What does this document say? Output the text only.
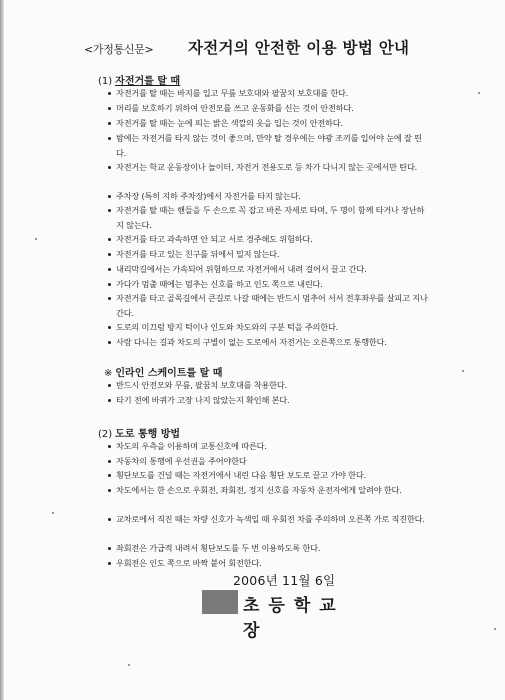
<가정통신문> 자전거의 안전한 이용 방법 안내
(1) 자전거를 탈 때
자전거를 탈 때는 바지를 입고 무릎 보호대와 팔꿈치 보호대를 한다.
머리를 보호하기 위하여 안전모를 쓰고 운동화를 신는 것이 안전하다.
자전거를 탈 때는 눈에 띄는 밝은 색깔의 옷을 입는 것이 안전하다.
밤에는 자전거를 타지 않는 것이 좋으며, 만약 탈 경우에는 야광 조끼를 입어야 눈에 잘 띈다.
자전거는 학교 운동장이나 놀이터, 자전거 전용도로 등 차가 다니지 않는 곳에서만 탄다.
주차장 (특히 지하 주차장)에서 자전거를 타지 않는다.
자전거를 탈 때는 핸들을 두 손으로 꼭 잡고 바른 자세로 타며, 두 명이 함께 타거나 장난하지 않는다.
자전거를 타고 과속하면 안 되고 서로 경주해도 위험하다.
자전거를 타고 있는 친구를 뒤에서 밀지 않는다.
내리막길에서는 가속되어 위험하므로 자전거에서 내려 걸어서 끌고 간다.
가다가 멈출 때에는 멈추는 신호를 하고 인도 쪽으로 내린다.
자전거를 타고 골목길에서 큰길로 나갈 때에는 반드시 멈추어 서서 전후좌우를 살피고 지나간다.
도로의 미끄럼 방지 턱이나 인도와 차도와의 구분 턱을 주의한다.
사람 다니는 길과 차도의 구별이 없는 도로에서 자전거는 오른쪽으로 통행한다.
※ 인라인 스케이트를 탈 때
반드시 안전모와 무릎, 팔꿈치 보호대를 착용한다.
타기 전에 바퀴가 고장 나지 않았는지 확인해 본다.
(2) 도로 통행 방법
차도의 우측을 이용하며 교통신호에 따른다.
자동차의 통행에 우선권을 주어야한다
횡단보도를 건널 때는 자전거에서 내린 다음 횡단 보도로 끌고 가야 한다.
차도에서는 한 손으로 우회전, 좌회전, 정지 신호를 자동차 운전자에게 알려야 한다.
교차로에서 직진 때는 차량 신호가 녹색일 때 우회전 차를 주의하며 오른쪽 가로 직진한다.
좌회전은 가급적 내려서 횡단보도를 두 번 이용하도록 한다.
우회전은 인도 쪽으로 바짝 붙어 회전한다.
2006년 11월 6일
초등학교장
